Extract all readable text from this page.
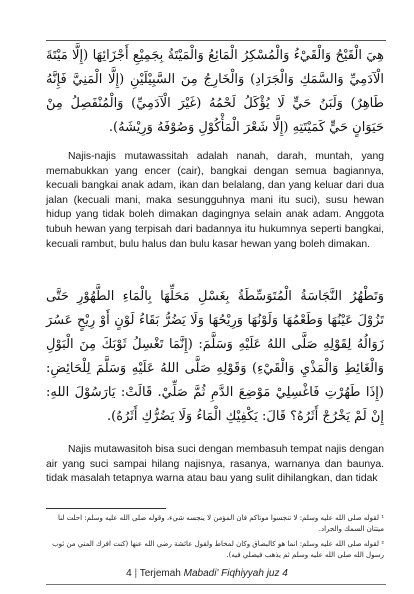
هِيَ الْقَيْحُ وَالْقَيْءُ وَالْمُسْكِرُ الْمَائِعُ وَالْمَيْتَةُ بِجَمِيْعِ أَجْزَائِهَا (إِلَّا مَيْتَةَ الْآدَمِيِّ وَالسَّمَكِ وَالْجَرَادِ) وَالْخَارِجُ مِنَ السَّبِيْلَيْنِ (إِلَّا الْمَنِيَّ فَإِنَّهُ طَاهِرٌ) وَلَبَنُ حَيٍّ لَا يُؤْكَلُ لَحْمُهُ (غَيْرَ الْآدَمِيِّ) وَالْمُنْفَصِلُ مِنْ حَيَوَانٍ حَيٍّ كَمَيْتَتِهِ (إِلَّا شَعْرَ الْمَأْكُوْلِ وَصُوْفَهُ وَرِيْشَهُ).
Najis-najis mutawassitah adalah nanah, darah, muntah, yang memabukkan yang encer (cair), bangkai dengan semua bagiannya, kecuali bangkai anak adam, ikan dan belalang, dan yang keluar dari dua jalan (kecuali mani, maka sesungguhnya mani itu suci), susu hewan hidup yang tidak boleh dimakan dagingnya selain anak adam. Anggota tubuh hewan yang terpisah dari badannya itu hukumnya seperti bangkai, kecuali rambut, bulu halus dan bulu kasar hewan yang boleh dimakan.
وَتَطْهُرُ النَّجَاسَةُ الْمُتَوَسِّطَةُ بِغَسْلِ مَحَلِّهَا بِالْمَاءِ الطَّهُوْرِ حَتَّى تَزُوْلَ عَيْنُهَا وَطَعْمُهَا وَلَوْنُهَا وَرِيْحُهَا وَلَا يَضُرُّ بَقَاءُ لَوْنٍ أَوْ رِيْحٍ عَسُرَ زَوَالُهُ لِقَوْلِهِ صَلَّى اللهُ عَلَيْهِ وَسَلَّمَ: (إِنَّمَا تَغْسِلُ ثَوْبَكَ مِنَ الْبَوْلِ وَالْغَائِطِ وَالْمَذْيِ وَالْقَيْءِ) وَقَوْلِهِ صَلَّى اللهُ عَلَيْهِ وَسَلَّمَ لِلْحَائِضِ: (إِذَا طَهُرْتِ فَاغْسِلِيْ مَوْضِعَ الدَّمِ ثُمَّ صَلِّيْ. قَالَتْ: يَارَسُوْلَ اللهِ: إِنْ لَمْ يَخْرُجْ أَثَرُهُ؟ قَالَ: يَكْفِيْكِ الْمَاءُ وَلَا يَضُرُّكِ أَثَرُهُ).
Najis mutawasitoh bisa suci dengan membasuh tempat najis dengan air yang suci sampai hilang najisnya, rasanya, warnanya dan baunya. tidak masalah tetapnya warna atau bau yang sulit dihilangkan, dan tidak
¹ لقوله صلى الله عليه وسلم: لا تنجسوا موتاكم فان المؤمن لا ينجسه شيء، وقوله صلى الله عليه وسلم: احلت لنا ميتتان السمك والجراد.
² لقوله صلى الله عليه وسلم: انما هو كالبصاق وكان لمخاط ولقول عائشة رضي الله عنها (كنت افرك المني من ثوب رسول الله صلى الله عليه وسلم ثم يذهب فيصلي فيه).
4 | Terjemah Mabadi' Fiqhiyyah juz 4
